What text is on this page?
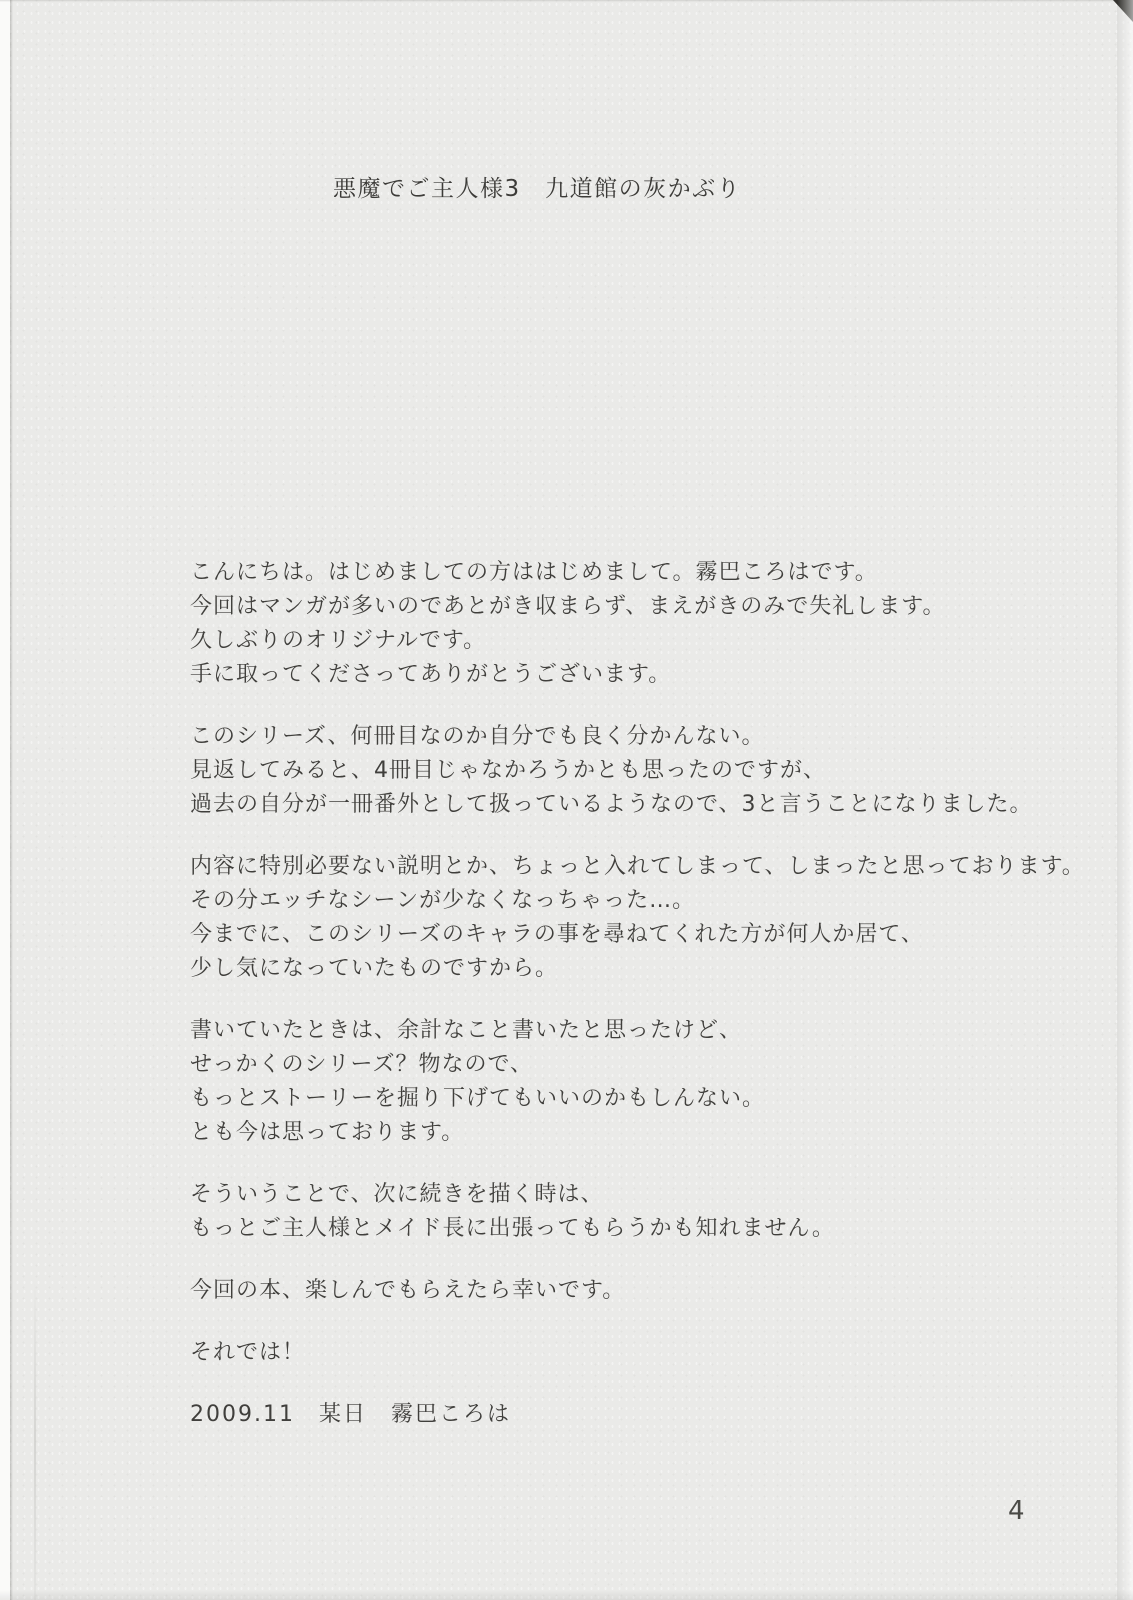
悪魔でご主人様3　九道館の灰かぶり
こんにちは。はじめましての方ははじめまして。霧巴ころはです。
今回はマンガが多いのであとがき収まらず、まえがきのみで失礼します。
久しぶりのオリジナルです。
手に取ってくださってありがとうございます。
このシリーズ、何冊目なのか自分でも良く分かんない。
見返してみると、4冊目じゃなかろうかとも思ったのですが、
過去の自分が一冊番外として扱っているようなので、3と言うことになりました。
内容に特別必要ない説明とか、ちょっと入れてしまって、しまったと思っております。
その分エッチなシーンが少なくなっちゃった…。
今までに、このシリーズのキャラの事を尋ねてくれた方が何人か居て、
少し気になっていたものですから。
書いていたときは、余計なこと書いたと思ったけど、
せっかくのシリーズ？物なので、
もっとストーリーを掘り下げてもいいのかもしんない。
とも今は思っております。
そういうことで、次に続きを描く時は、
もっとご主人様とメイド長に出張ってもらうかも知れません。
今回の本、楽しんでもらえたら幸いです。
それでは！
2009.11　某日　霧巴ころは
4
